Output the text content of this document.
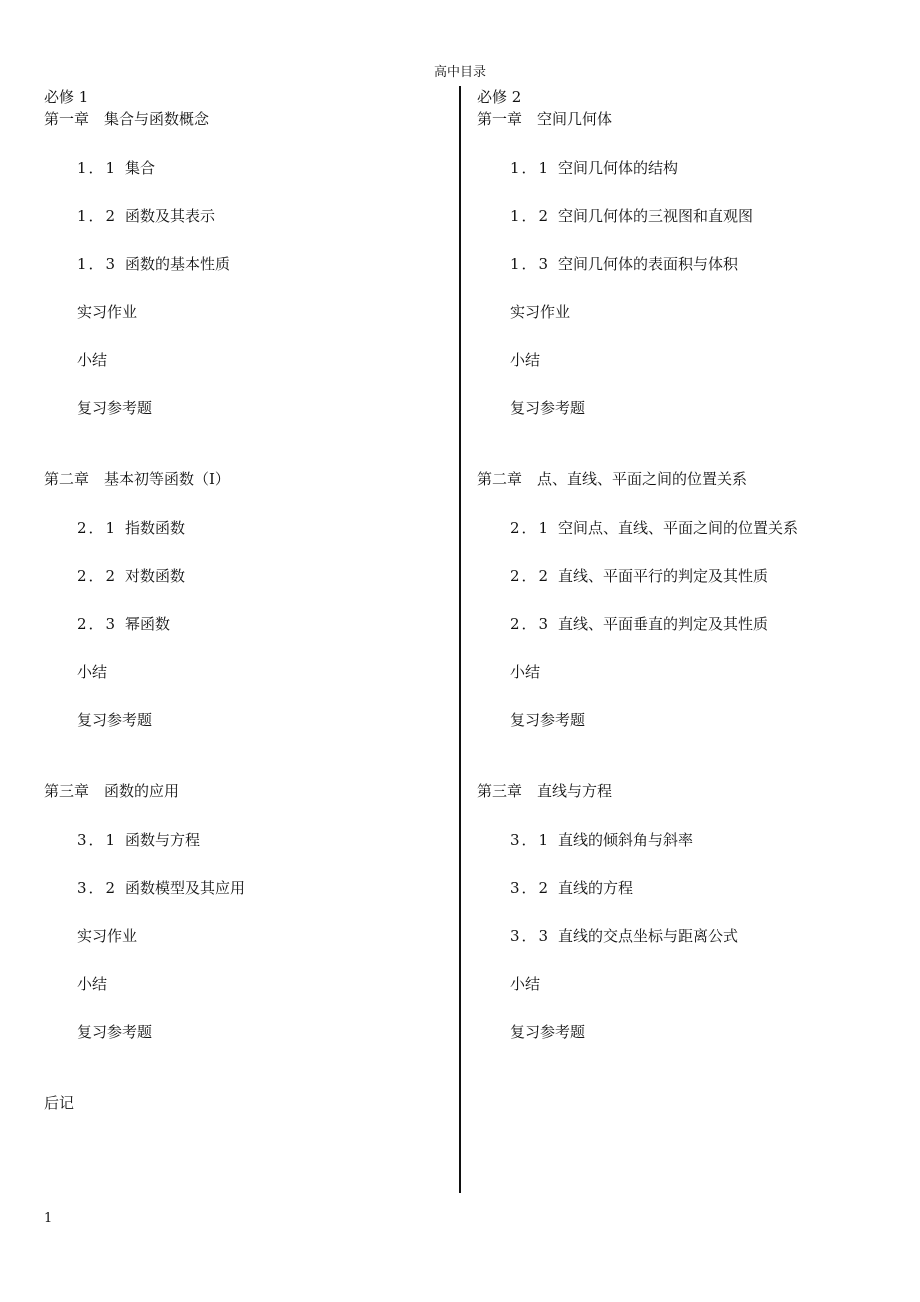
高中目录
必修 1
第一章　集合与函数概念
1．1 集合
1．2 函数及其表示
1．3 函数的基本性质
实习作业
小结
复习参考题
第二章　基本初等函数（Ⅰ）
2．1 指数函数
2．2 对数函数
2．3 幂函数
小结
复习参考题
第三章　函数的应用
3．1 函数与方程
3．2 函数模型及其应用
实习作业
小结
复习参考题
后记
必修 2
第一章　空间几何体
1．1 空间几何体的结构
1．2 空间几何体的三视图和直观图
1．3 空间几何体的表面积与体积
实习作业
小结
复习参考题
第二章　点、直线、平面之间的位置关系
2．1 空间点、直线、平面之间的位置关系
2．2 直线、平面平行的判定及其性质
2．3 直线、平面垂直的判定及其性质
小结
复习参考题
第三章　直线与方程
3．1 直线的倾斜角与斜率
3．2 直线的方程
3．3 直线的交点坐标与距离公式
小结
复习参考题
1
